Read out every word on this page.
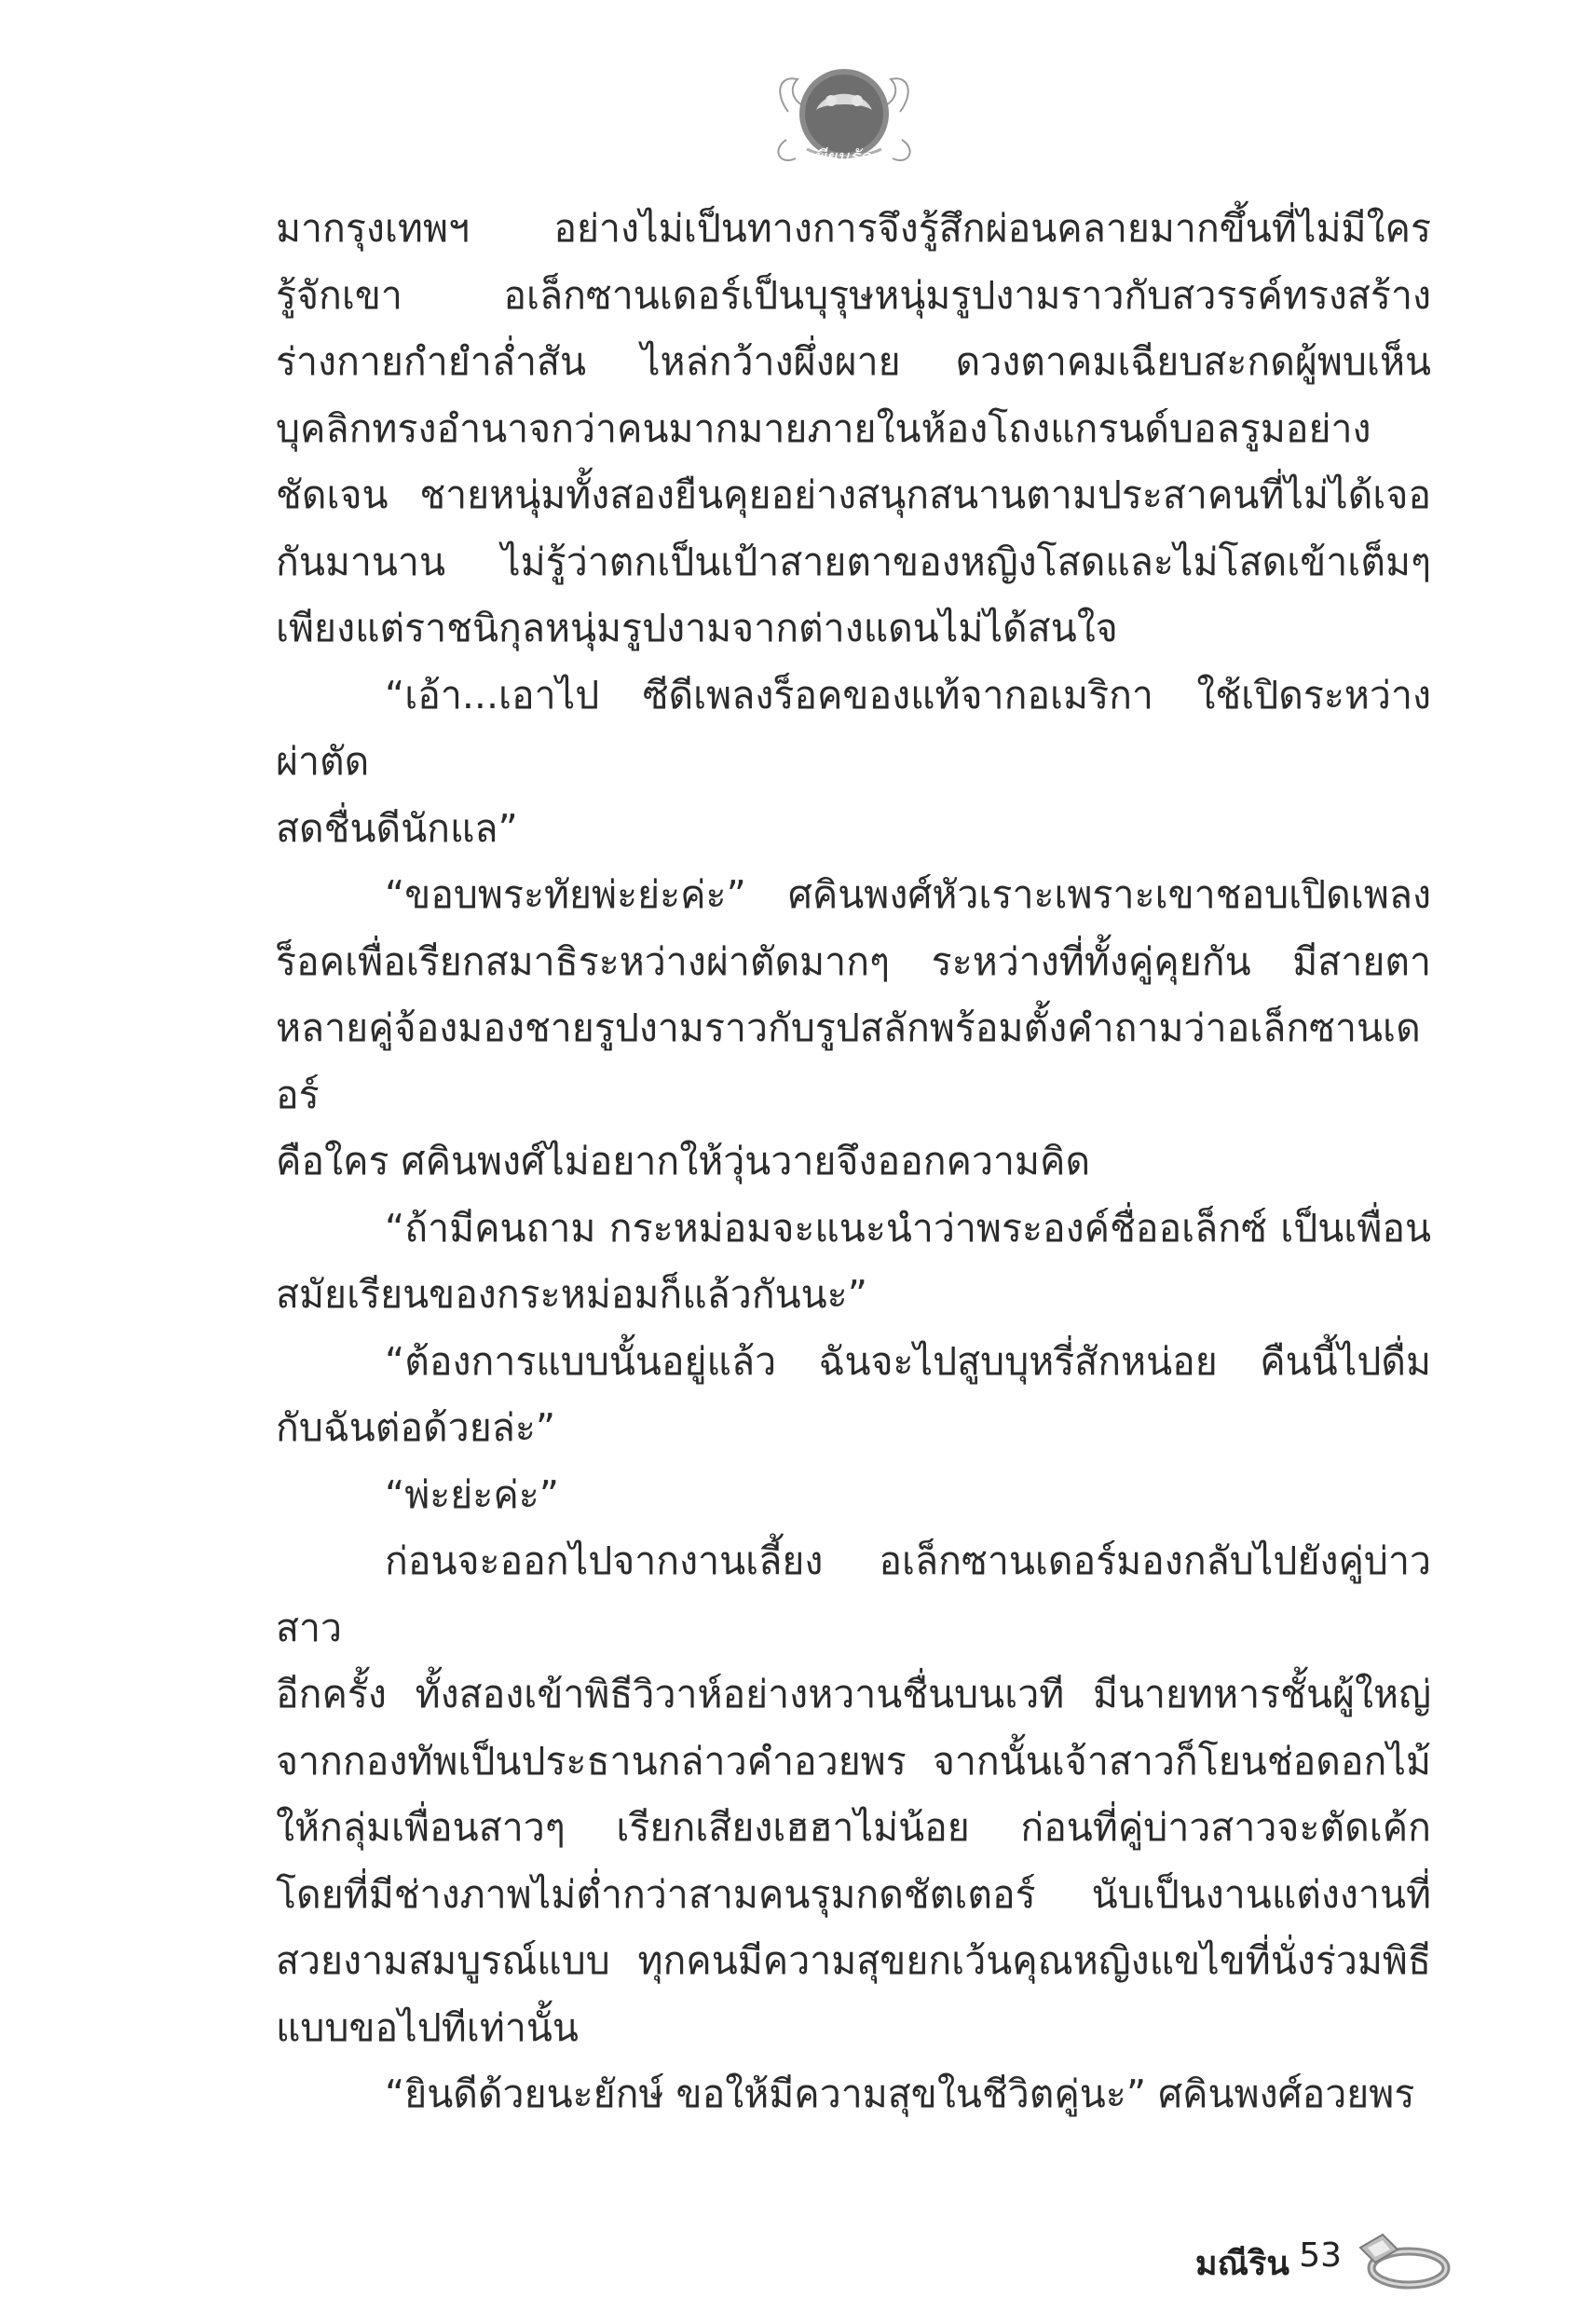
เพียนรักฯ

มากรุงเทพฯ อย่างไม่เป็นทางการจึงรู้สึกผ่อนคลายมากขึ้นที่ไม่มีใคร

รู้จักเขา อเล็กซานเดอร์เป็นบุรุษหนุ่มรูปงามราวกับสวรรค์ทรงสร้าง

ร่างกายกำยำล่ำสัน ไหล่กว้างผึ่งผาย ดวงตาคมเฉียบสะกดผู้พบเห็น

บุคลิกทรงอำนาจกว่าคนมากมายภายในห้องโถงแกรนด์บอลรูมอย่าง

ชัดเจน ชายหนุ่มทั้งสองยืนคุยอย่างสนุกสนานตามประสาคนที่ไม่ได้เจอ

กันมานาน ไม่รู้ว่าตกเป็นเป้าสายตาของหญิงโสดและไม่โสดเข้าเต็มๆ

เพียงแต่ราชนิกุลหนุ่มรูปงามจากต่างแดนไม่ได้สนใจ

“เอ้า...เอาไป ซีดีเพลงร็อคของแท้จากอเมริกา ใช้เปิดระหว่างผ่าตัด

สดชื่นดีนักแล”

“ขอบพระทัยพ่ะย่ะค่ะ” ศคินพงศ์หัวเราะเพราะเขาชอบเปิดเพลง

ร็อคเพื่อเรียกสมาธิระหว่างผ่าตัดมากๆ ระหว่างที่ทั้งคู่คุยกัน มีสายตา

หลายคู่จ้องมองชายรูปงามราวกับรูปสลักพร้อมตั้งคำถามว่าอเล็กซานเดอร์

คือใคร ศคินพงศ์ไม่อยากให้วุ่นวายจึงออกความคิด

“ถ้ามีคนถาม กระหม่อมจะแนะนำว่าพระองค์ชื่ออเล็กซ์ เป็นเพื่อน

สมัยเรียนของกระหม่อมก็แล้วกันนะ”

“ต้องการแบบนั้นอยู่แล้ว ฉันจะไปสูบบุหรี่สักหน่อย คืนนี้ไปดื่ม

กับฉันต่อด้วยล่ะ”

“พ่ะย่ะค่ะ”

ก่อนจะออกไปจากงานเลี้ยง อเล็กซานเดอร์มองกลับไปยังคู่บ่าวสาว

อีกครั้ง ทั้งสองเข้าพิธีวิวาห์อย่างหวานชื่นบนเวที มีนายทหารชั้นผู้ใหญ่

จากกองทัพเป็นประธานกล่าวคำอวยพร จากนั้นเจ้าสาวก็โยนช่อดอกไม้

ให้กลุ่มเพื่อนสาวๆ เรียกเสียงเฮฮาไม่น้อย ก่อนที่คู่บ่าวสาวจะตัดเค้ก

โดยที่มีช่างภาพไม่ต่ำกว่าสามคนรุมกดชัตเตอร์ นับเป็นงานแต่งงานที่

สวยงามสมบูรณ์แบบ ทุกคนมีความสุขยกเว้นคุณหญิงแขไขที่นั่งร่วมพิธี

แบบขอไปทีเท่านั้น

“ยินดีด้วยนะยักษ์ ขอให้มีความสุขในชีวิตคู่นะ” ศคินพงศ์อวยพร

มณีริน 53
